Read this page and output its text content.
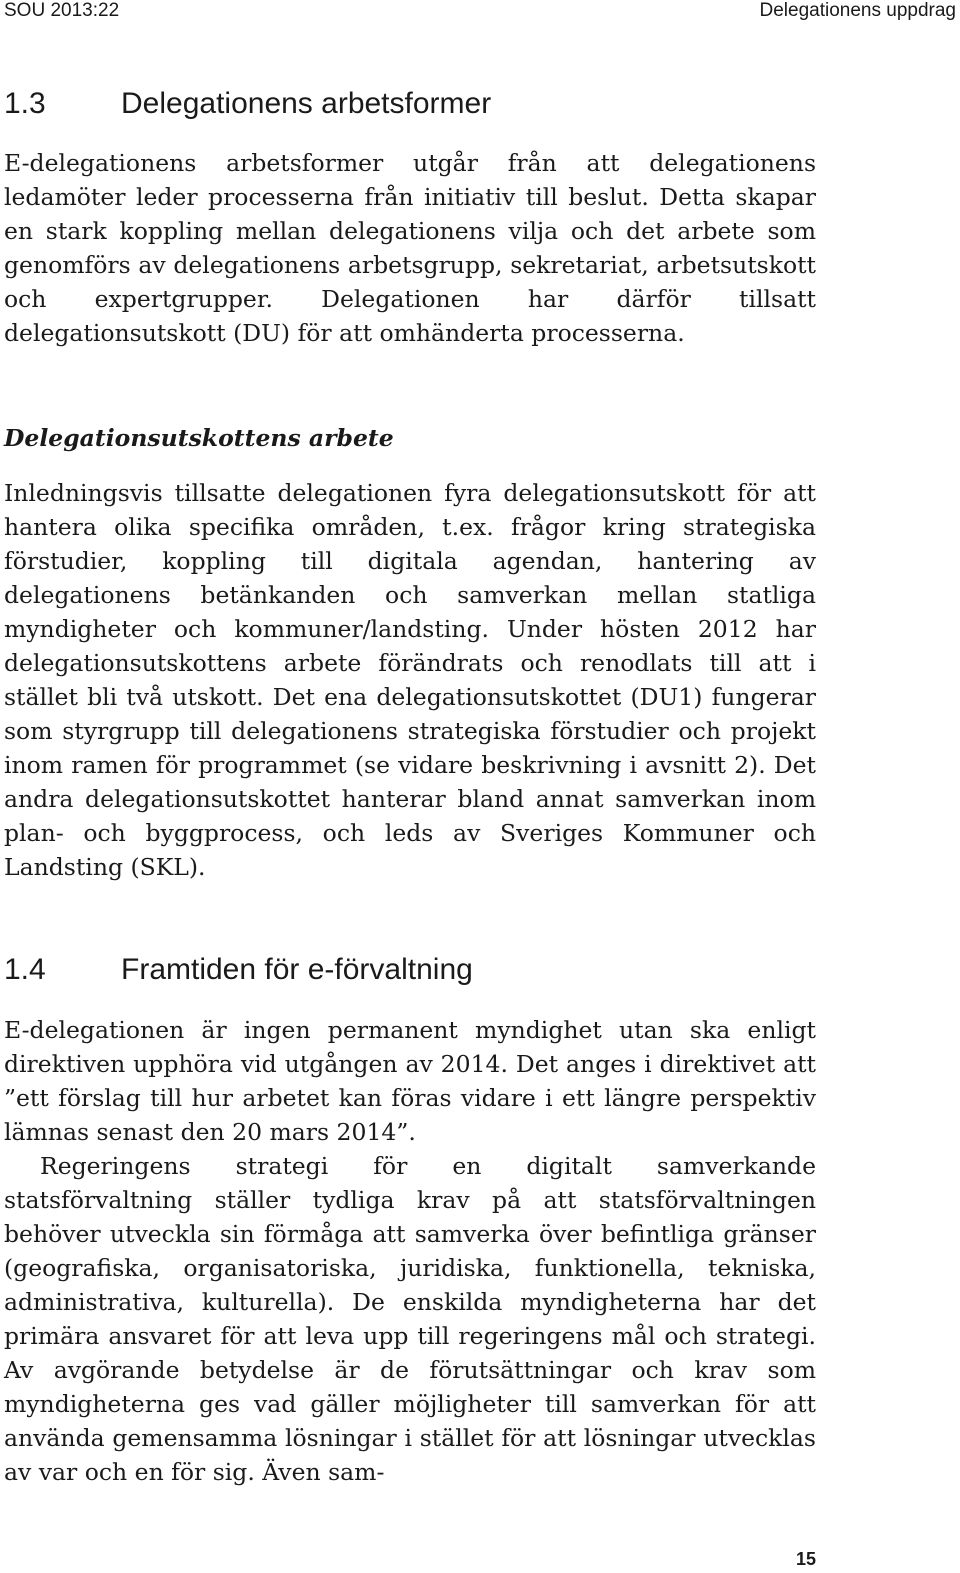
SOU 2013:22	Delegationens uppdrag
1.3	Delegationens arbetsformer

E-delegationens arbetsformer utgår från att delegationens ledamöter leder processerna från initiativ till beslut. Detta skapar en stark koppling mellan delegationens vilja och det arbete som genomförs av delegationens arbetsgrupp, sekretariat, arbetsutskott och expertgrupper. Delegationen har därför tillsatt delegationsutskott (DU) för att omhänderta processerna.

Delegationsutskottens arbete

Inledningsvis tillsatte delegationen fyra delegationsutskott för att hantera olika specifika områden, t.ex. frågor kring strategiska förstudier, koppling till digitala agendan, hantering av delegationens betänkanden och samverkan mellan statliga myndigheter och kommuner/landsting. Under hösten 2012 har delegationsutskottens arbete förändrats och renodlats till att i stället bli två utskott. Det ena delegationsutskottet (DU1) fungerar som styrgrupp till delegationens strategiska förstudier och projekt inom ramen för programmet (se vidare beskrivning i avsnitt 2). Det andra delegationsutskottet hanterar bland annat samverkan inom plan- och byggprocess, och leds av Sveriges Kommuner och Landsting (SKL).

1.4	Framtiden för e-förvaltning

E-delegationen är ingen permanent myndighet utan ska enligt direktiven upphöra vid utgången av 2014. Det anges i direktivet att ”ett förslag till hur arbetet kan föras vidare i ett längre perspektiv lämnas senast den 20 mars 2014”.

Regeringens strategi för en digitalt samverkande statsförvaltning ställer tydliga krav på att statsförvaltningen behöver utveckla sin förmåga att samverka över befintliga gränser (geografiska, organisatoriska, juridiska, funktionella, tekniska, administrativa, kulturella). De enskilda myndigheterna har det primära ansvaret för att leva upp till regeringens mål och strategi. Av avgörande betydelse är de förutsättningar och krav som myndigheterna ges vad gäller möjligheter till samverkan för att använda gemensamma lösningar i stället för att lösningar utvecklas av var och en för sig. Även sam-

15
